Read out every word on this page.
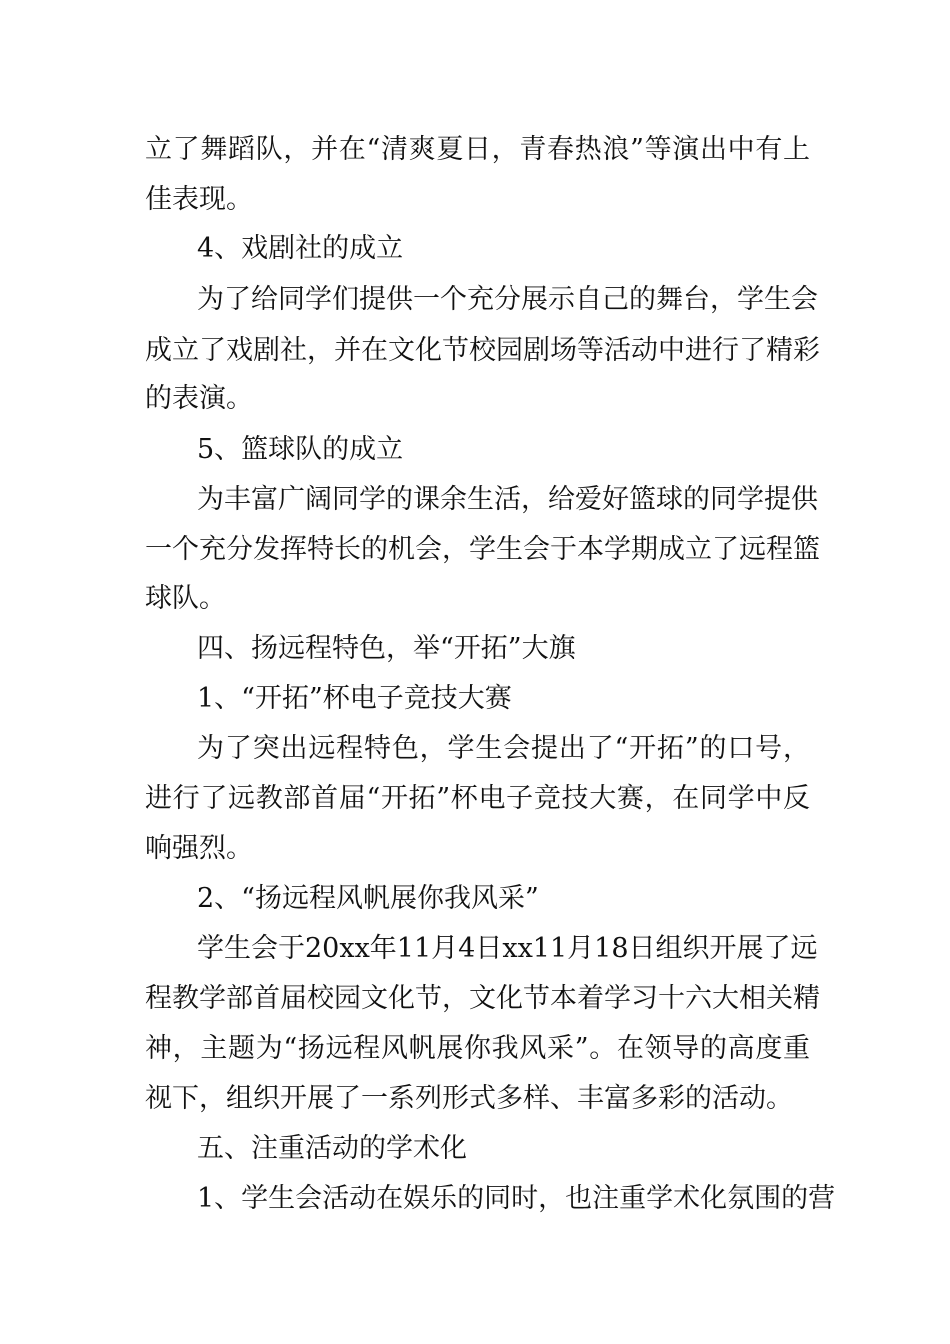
立了舞蹈队，并在“清爽夏日，青春热浪”等演出中有上
佳表现。
4、戏剧社的成立
为了给同学们提供一个充分展示自己的舞台，学生会
成立了戏剧社，并在文化节校园剧场等活动中进行了精彩
的表演。
5、篮球队的成立
为丰富广阔同学的课余生活，给爱好篮球的同学提供
一个充分发挥特长的机会，学生会于本学期成立了远程篮
球队。
四、扬远程特色，举“开拓”大旗
1、“开拓”杯电子竞技大赛
为了突出远程特色，学生会提出了“开拓”的口号，
进行了远教部首届“开拓”杯电子竞技大赛，在同学中反
响强烈。
2、“扬远程风帆展你我风采”
学生会于20xx年11月4日xx11月18日组织开展了远
程教学部首届校园文化节，文化节本着学习十六大相关精
神，主题为“扬远程风帆展你我风采”。在领导的高度重
视下，组织开展了一系列形式多样、丰富多彩的活动。
五、注重活动的学术化
1、学生会活动在娱乐的同时，也注重学术化氛围的营
